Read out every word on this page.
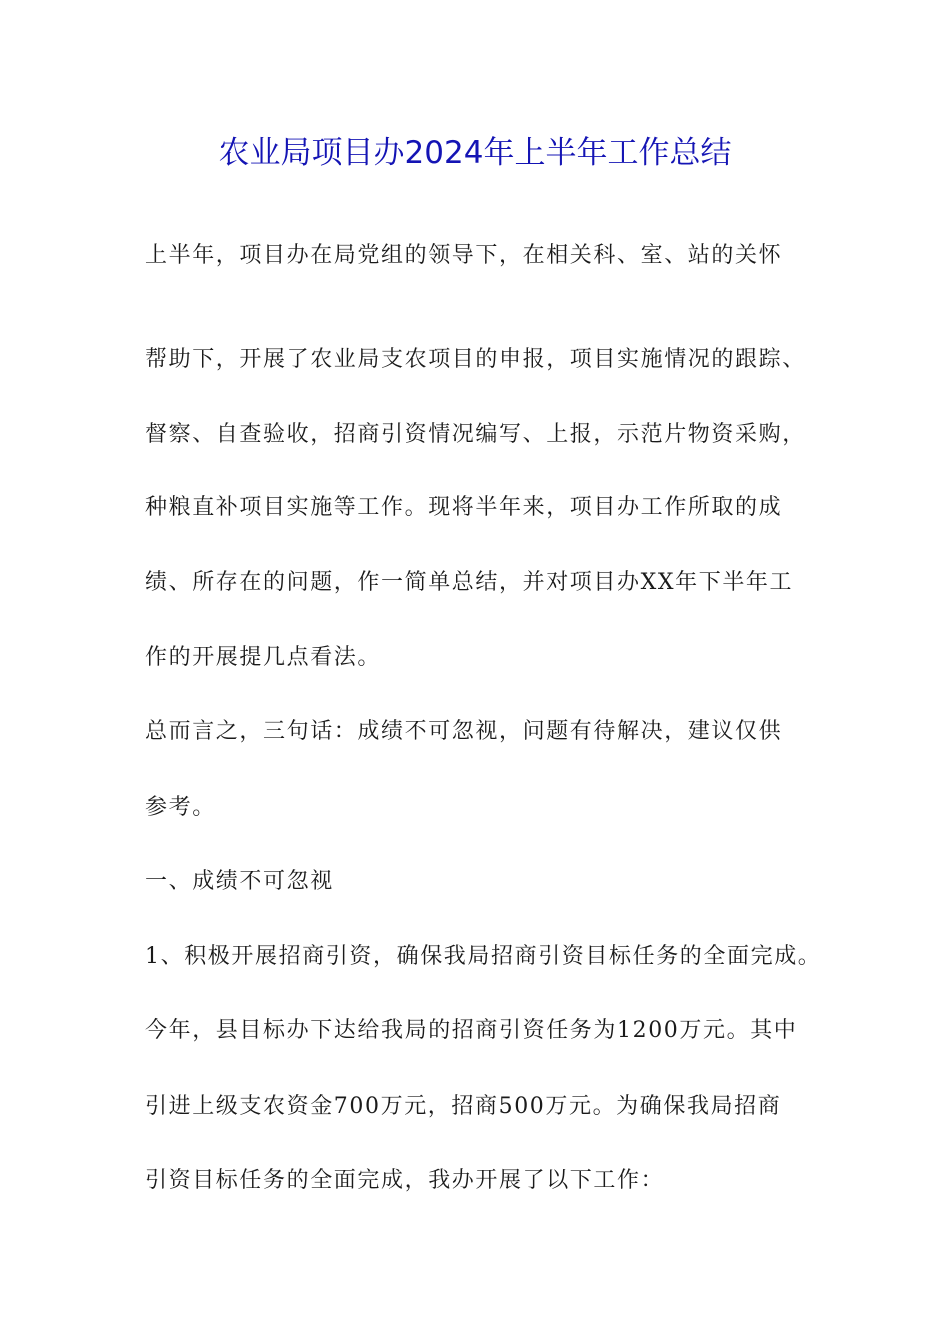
农业局项目办2024年上半年工作总结
上半年，项目办在局党组的领导下，在相关科、室、站的关怀
帮助下，开展了农业局支农项目的申报，项目实施情况的跟踪、
督察、自查验收，招商引资情况编写、上报，示范片物资采购，
种粮直补项目实施等工作。现将半年来，项目办工作所取的成
绩、所存在的问题，作一简单总结，并对项目办XX年下半年工
作的开展提几点看法。
总而言之，三句话：成绩不可忽视，问题有待解决，建议仅供
参考。
一、成绩不可忽视
1、积极开展招商引资，确保我局招商引资目标任务的全面完成。
今年，县目标办下达给我局的招商引资任务为1200万元。其中
引进上级支农资金700万元，招商500万元。为确保我局招商
引资目标任务的全面完成，我办开展了以下工作：
